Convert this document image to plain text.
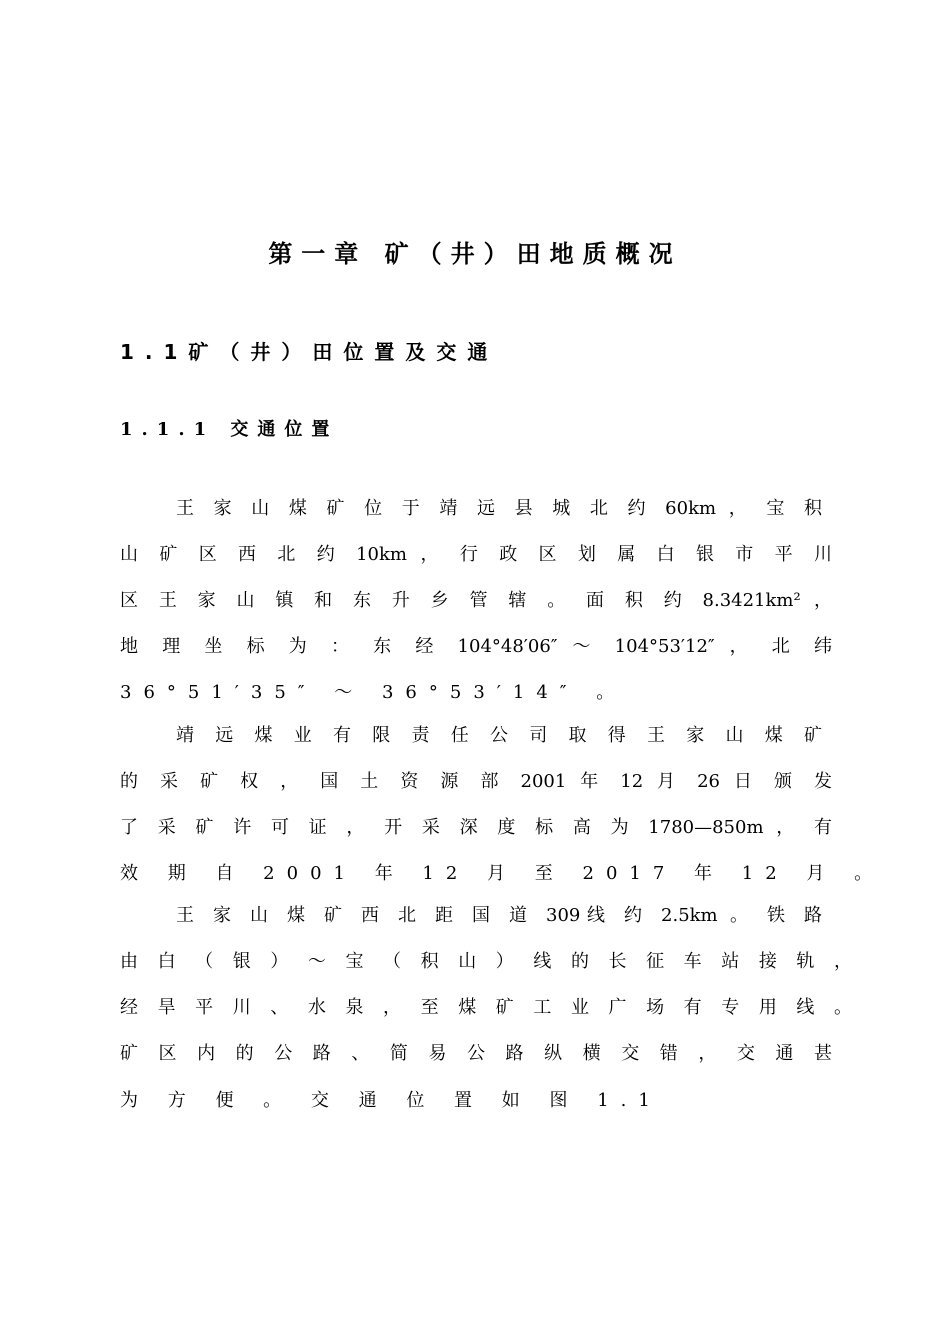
第一章 矿（井）田地质概况
1.1矿（井）田位置及交通
1.1.1 交通位置
王 家 山 煤 矿 位 于 靖 远 县 城 北 约 60km ， 宝 积
山 矿 区 西 北 约 10km ， 行 政 区 划 属 白 银 市 平 川
区 王 家 山 镇 和 东 升 乡 管 辖 。 面 积 约 8.3421km² ，
地 理 坐 标 为 ： 东 经 104°48′06″ ～ 104°53′12″ ， 北 纬
36°51′35″ ～ 36°53′14″ 。
靖 远 煤 业 有 限 责 任 公 司 取 得 王 家 山 煤 矿
的 采 矿 权 ， 国 土 资 源 部 2001 年 12 月 26 日 颁 发
了 采 矿 许 可 证 ， 开 采 深 度 标 高 为 1780—850m ， 有
效 期 自 2001 年 12 月 至 2017 年 12 月 。
王 家 山 煤 矿 西 北 距 国 道 309线 约 2.5km 。 铁 路
由 白 （ 银 ） ～ 宝 （ 积 山 ） 线 的 长 征 车 站 接 轨 ，
经 旱 平 川 、 水 泉 ， 至 煤 矿 工 业 广 场 有 专 用 线 。
矿 区 内 的 公 路 、 简 易 公 路 纵 横 交 错 ， 交 通 甚
为 方 便 。 交 通 位 置 如 图 1.1
